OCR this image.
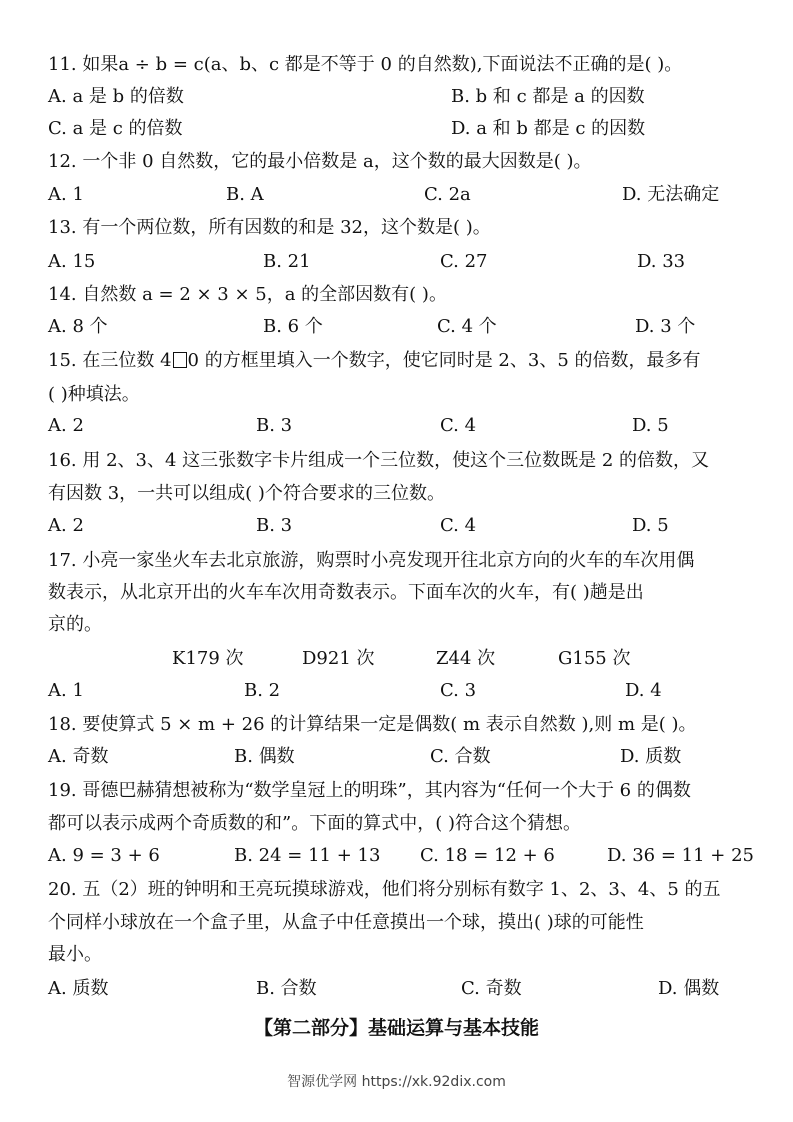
11. 如果a ÷ b = c(a、b、c 都是不等于 0 的自然数),下面说法不正确的是( )。
A. a 是 b 的倍数	B. b 和 c 都是 a 的因数
C. a 是 c 的倍数	D. a 和 b 都是 c 的因数
12. 一个非 0 自然数，它的最小倍数是 a，这个数的最大因数是( )。
A. 1	B. A	C. 2a	D. 无法确定
13. 有一个两位数，所有因数的和是 32，这个数是( )。
A. 15	B. 21	C. 27	D. 33
14. 自然数 a = 2 × 3 × 5，a 的全部因数有( )。
A. 8 个	B. 6 个	C. 4 个	D. 3 个
15. 在三位数 4 0 的方框里填入一个数字，使它同时是 2、3、5 的倍数，最多有
( )种填法。
A. 2	B. 3	C. 4	D. 5
16. 用 2、3、4 这三张数字卡片组成一个三位数，使这个三位数既是 2 的倍数，又
有因数 3，一共可以组成( )个符合要求的三位数。
A. 2	B. 3	C. 4	D. 5
17. 小亮一家坐火车去北京旅游，购票时小亮发现开往北京方向的火车的车次用偶
数表示，从北京开出的火车车次用奇数表示。下面车次的火车，有( )趟是出
京的。
K179 次	D921 次	Z44 次	G155 次
A. 1	B. 2	C. 3	D. 4
18. 要使算式 5 × m + 26 的计算结果一定是偶数( m 表示自然数 ),则 m 是( )。
A. 奇数	B. 偶数	C. 合数	D. 质数
19. 哥德巴赫猜想被称为“数学皇冠上的明珠”，其内容为“任何一个大于 6 的偶数
都可以表示成两个奇质数的和”。下面的算式中，( )符合这个猜想。
A. 9 = 3 + 6	B. 24 = 11 + 13 C. 18 = 12 + 6	D. 36 = 11 + 25
20. 五（2）班的钟明和王亮玩摸球游戏，他们将分别标有数字 1、2、3、4、5 的五
个同样小球放在一个盒子里，从盒子中任意摸出一个球，摸出( )球的可能性
最小。
A. 质数	B. 合数	C. 奇数	D. 偶数
【第二部分】基础运算与基本技能
智源优学网 https://xk.92dix.com
